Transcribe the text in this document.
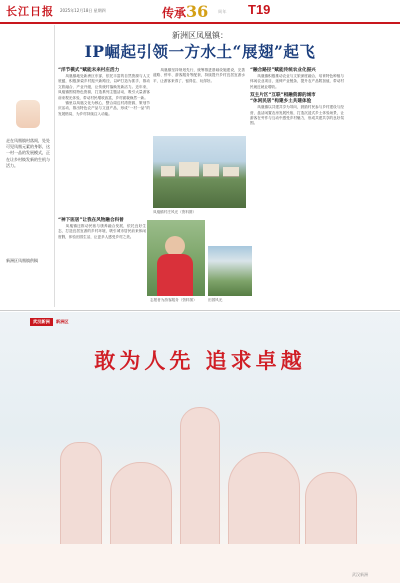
长江日报 2025年12月18日 星期四	传承36 周年 T19
走在凤凰镇村落间，处处可见凤凰元素的身影，这一村一品的发展模式，正在让乡村焕发新的生机与活力。
新洲区凤凰镇供稿
新洲区凤凰镇：
IP崛起引领一方水土“展翅”起飞
“洋节模式”赋能未来村庄活力
　　凤凰镇地处新洲区东部，依托丰富的自然资源与人文底蕴，积极探索乡村振兴新路径，以IP打造为抓手，推动文旅融合、产业升级，让传统村落焕发新活力。近年来，凤凰镇围绕特色资源，打造系列主题活动，吸引大量游客前来观光体验，带动村民增收致富，乡村面貌焕然一新。
　　镇里以凤凰文化为核心，整合周边村湾资源，策划节庆活动，推出特色农产品与文创产品，形成“一村一品”的发展格局，为乡村持续注入动能。
　　凤凰镇坚持规划先行，统筹推进基础设施建设，完善道路、停车、游客服务等配套，持续提升乡村宜居宜游水平，让游客来得了、留得住、玩得好。
凤凰镇村庄风光（资料图）
“神下医居”让我在风物融合科普
　　凤凰镇还推动民宿与康养融合发展，依托良好生态，打造宜居宜游的乡村环境，吸引城市居民前来休闲度假，体验田园生活，让更多人感受乡村之美。
志愿者为游客服务（资料图）	田园风光
“融合路径”赋能传统农业化振兴
　　凤凰镇积极推动农业与文旅深度融合，培育特色种植与休闲农业项目，延伸产业链条，提升农产品附加值，带动村民就近就业增收。
双主片区“互联”相融资源的城市
“休闲民居”构建乡土共建体验
　　凤凰镇以共建共享为导向，鼓励村民参与乡村建设与经营，盘活闲置农房发展民宿，打造沉浸式乡土体验场景，让游客在劳作与互动中感受乡村魅力，形成共建共享的良好氛围。
武汉新洲	新洲区
敢为人先 追求卓越
武汉新洲
